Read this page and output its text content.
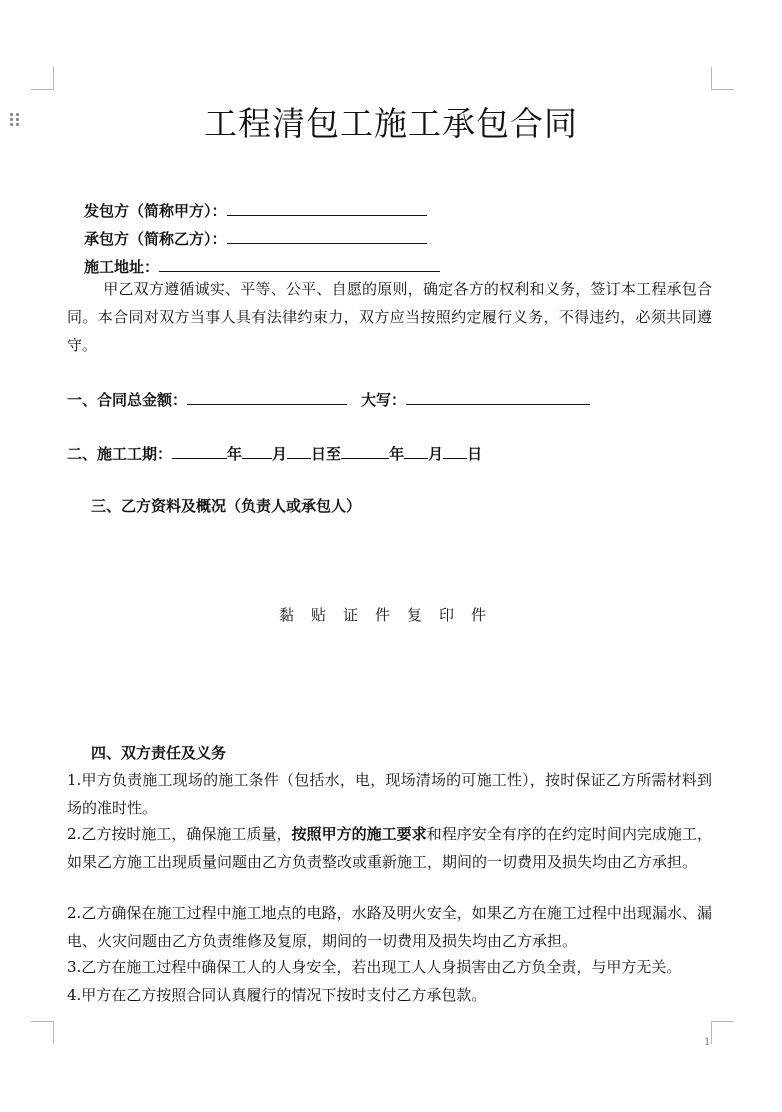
工程清包工施工承包合同
发包方（简称甲方）：
承包方（简称乙方）：
施工地址：
甲乙双方遵循诚实、平等、公平、自愿的原则，确定各方的权利和义务，签订本工程承包合同。本合同对双方当事人具有法律约束力，双方应当按照约定履行义务，不得违约，必须共同遵 守。
一、合同总金额：	大写：
二、施工工期：	年 月 日至	年 月 日
三、乙方资料及概况（负责人或承包人）
黏贴证件复印件
四、双方责任及义务
1.甲方负责施工现场的施工条件（包括水，电，现场清场的可施工性），按时保证乙方所需材料到场的准时性。
2.乙方按时施工，确保施工质量，按照甲方的施工要求和程序安全有序的在约定时间内完成施工，如果乙方施工出现质量问题由乙方负责整改或重新施工，期间的一切费用及损失均由乙方承担。
2.乙方确保在施工过程中施工地点的电路，水路及明火安全，如果乙方在施工过程中出现漏水、漏电、火灾问题由乙方负责维修及复原，期间的一切费用及损失均由乙方承担。
3.乙方在施工过程中确保工人的人身安全，若出现工人人身损害由乙方负全责，与甲方无关。
4.甲方在乙方按照合同认真履行的情况下按时支付乙方承包款。
1
